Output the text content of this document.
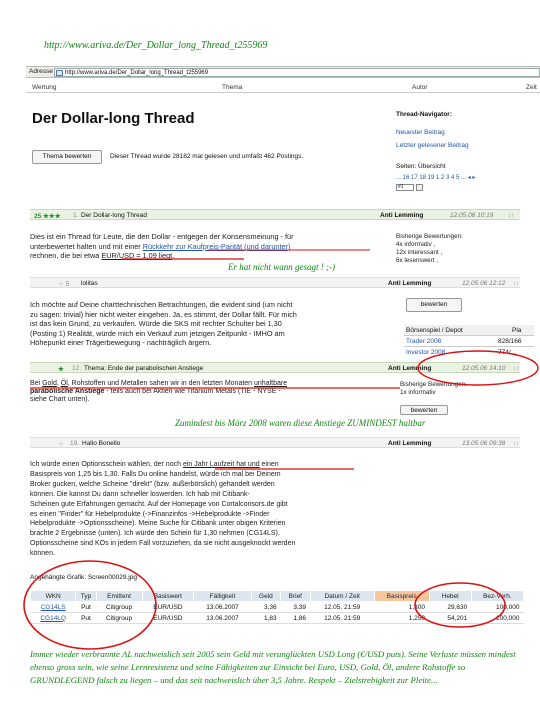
http://www.ariva.de/Der_Dollar_long_Thread_t255969
Adresse	http://www.ariva.de/Der_Dollar_long_Thread_t255969
Wertung	Thema	Autor	Zeit
Der Dollar-long Thread
Thema bewerten	Dieser Thread wurde 28182 mal gelesen und umfaßt 462 Postings.
Thread-Navigator:
Neuester Beitrag
Letzter gelesener Beitrag
Seiten: Übersicht
... 16 17 18 19 1 2 3 4 5 ... ◂ ▸
#1
25 ★★★ 1. Der Dollar-long Thread	Anti Lemming	12.05.06 10:19 ↓↑
Dies ist ein Thread für Leute, die den Dollar - entgegen der Konsensmeinung - für
unterbewertet halten und mit einer Rückkehr zur Kaufpreis-Parität (und darunter)
rechnen, die bei etwa EUR/USD = 1,09 liegt.
Bisherige Bewertungen:
4x informativ ,
12x interessant ,
6x lesenswert ,
Er hat nicht wann gesagt ! ;-)
☆ 5 lolitas	Anti Lemming	12.05.06 12:12 ↓↑
Ich möchte auf Deine charttechnischen Betrachtungen, die evident sind (um nicht
zu sagen: trivial) hier nicht weiter eingehen. Ja, es stimmt, der Dollar fällt. Für mich
ist das kein Grund, zu verkaufen. Würde die SKS mit rechter Schulter bei 1,30
(Posting 1) Realität, würde mich ein Verkauf zum jetzigen Zeitpunkt - IMHO am
Höhepunkt einer Trägerbewegung - nachträglich ärgern.
bewerten
Börsenspiel / Depot	Pla
Trader 2008	828/166
Investor 2008	774/...
★ 12. Thema: Ende der parabolischen Anstiege	Anti Lemming	12.05.06 14:10 ↓↑
Bei Gold, Öl, Rohstoffen und Metallen sahen wir in den letzten Monaten unhaltbare
parabolische Anstiege - teils auch bei Aktien wie Titanium Metals (TIE - NYSE -
siehe Chart unten).
Bisherige Bewertungen:
1x informativ
bewerten
Zumindest bis März 2008 waren diese Anstiege ZUMINDEST haltbar
☆ 19. Hallo Bonello	Anti Lemming	13.05.06 09:38 ↓↑
Ich würde einen Optionsschein wählen, der noch ein Jahr Laufzeit hat und einen
Basispreis von 1,25 bis 1,30. Falls Du online handelst, würde ich mal bei Deinem
Broker gucken, welche Scheine "direkt" (bzw. außerbörslich) gehandelt werden
können. Die kannst Du dann schneller loswerden. Ich hab mit Citibank-
Scheinen gute Erfahrungen gemacht. Auf der Homepage von Cortalconsors.de gibt
es einen "Finder" für Hebelprodukte (->Finanzinfos ->Hebelprodukte ->Finder
Hebelprodukte ->Optionsscheine). Meine Suche für Citibank unter obigen Kriterien
brachte 2 Ergebnisse (unten). Ich würde den Schein für 1,30 nehmen (CG14LS).
Optionsscheine sind KOs in jedem Fall vorzuziehen, da sie nicht ausgeknockt werden
können.
Angehängte Grafik: Screen00029.jpg
WKN	Typ	Emittent	Basiswert	Fälligkeit	Geld	Brief	Datum / Zeit	Basispreis	Hebel	Bez-Verh.
CG14LS	Put	Citigroup	EUR/USD	13.06.2007	3,36	3,39	12.05. 21:59	1,300	29,630	100,000
CG14LQ	Put	Citigroup	EUR/USD	13.06.2007	1,83	1,86	12.05. 21:59	1,250	54,201	100,000
Immer wieder verbrannte AL nachweislich seit 2005 sein Geld mit verunglückten USD Long (€/USD puts). Seine Verluste müssen mindest ebenso gross sein, wie seine Lernresistenz und seine Fähigkeiten zur Einsicht bei Euro, USD, Gold, Öl, andere Rohstoffe so GRUNDLEGEND falsch zu liegen – und das seit nachweislich über 3,5 Jahre. Respekt – Zielstrebigkeit zur Pleite...
